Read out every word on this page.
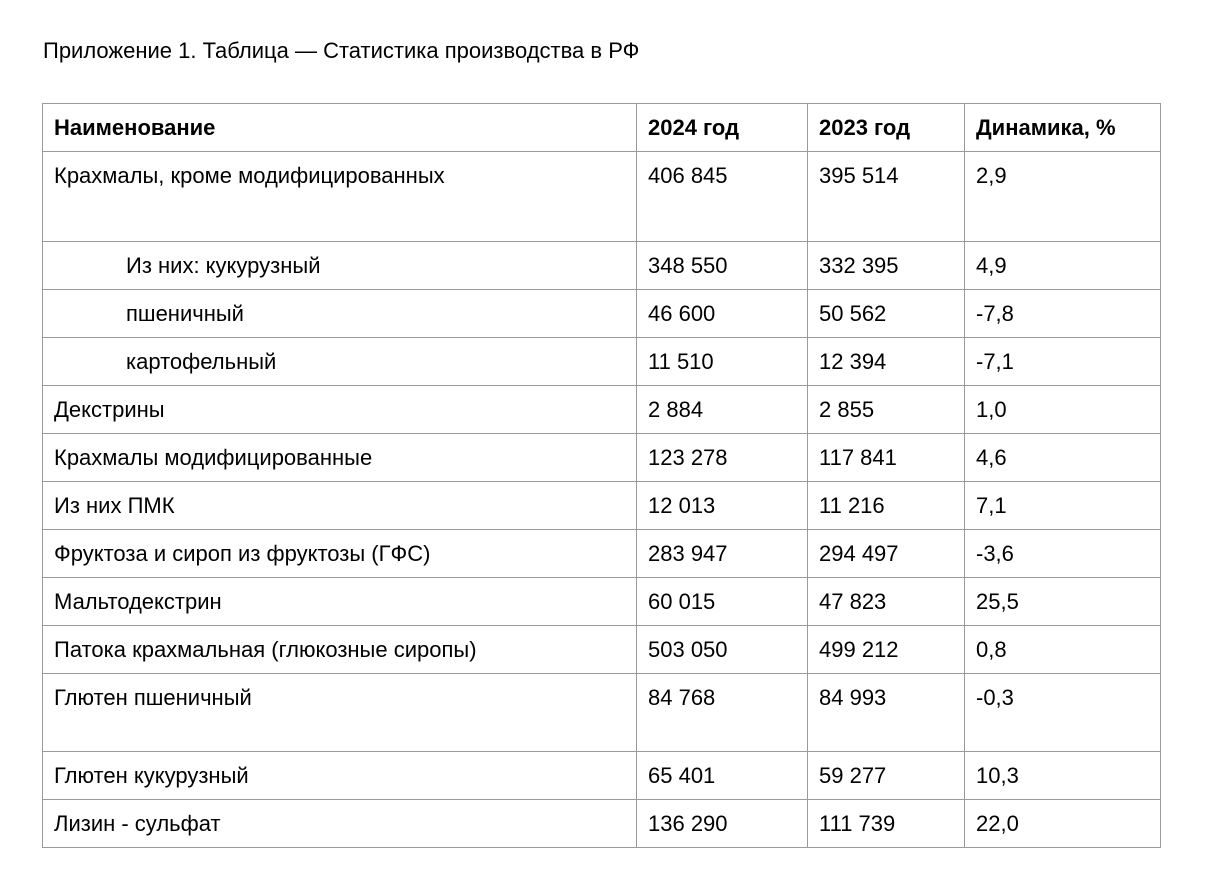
Приложение 1. Таблица — Статистика производства в РФ
Наименование	2024 год	2023 год	Динамика, %
Крахмалы, кроме модифицированных	406 845	395 514	2,9
Из них: кукурузный	348 550	332 395	4,9
пшеничный	46 600	50 562	-7,8
картофельный	11 510	12 394	-7,1
Декстрины	2 884	2 855	1,0
Крахмалы модифицированные	123 278	117 841	4,6
Из них ПМК	12 013	11 216	7,1
Фруктоза и сироп из фруктозы (ГФС)	283 947	294 497	-3,6
Мальтодекстрин	60 015	47 823	25,5
Патока крахмальная (глюкозные сиропы)	503 050	499 212	0,8
Глютен пшеничный	84 768	84 993	-0,3
Глютен кукурузный	65 401	59 277	10,3
Лизин - сульфат	136 290	111 739	22,0
